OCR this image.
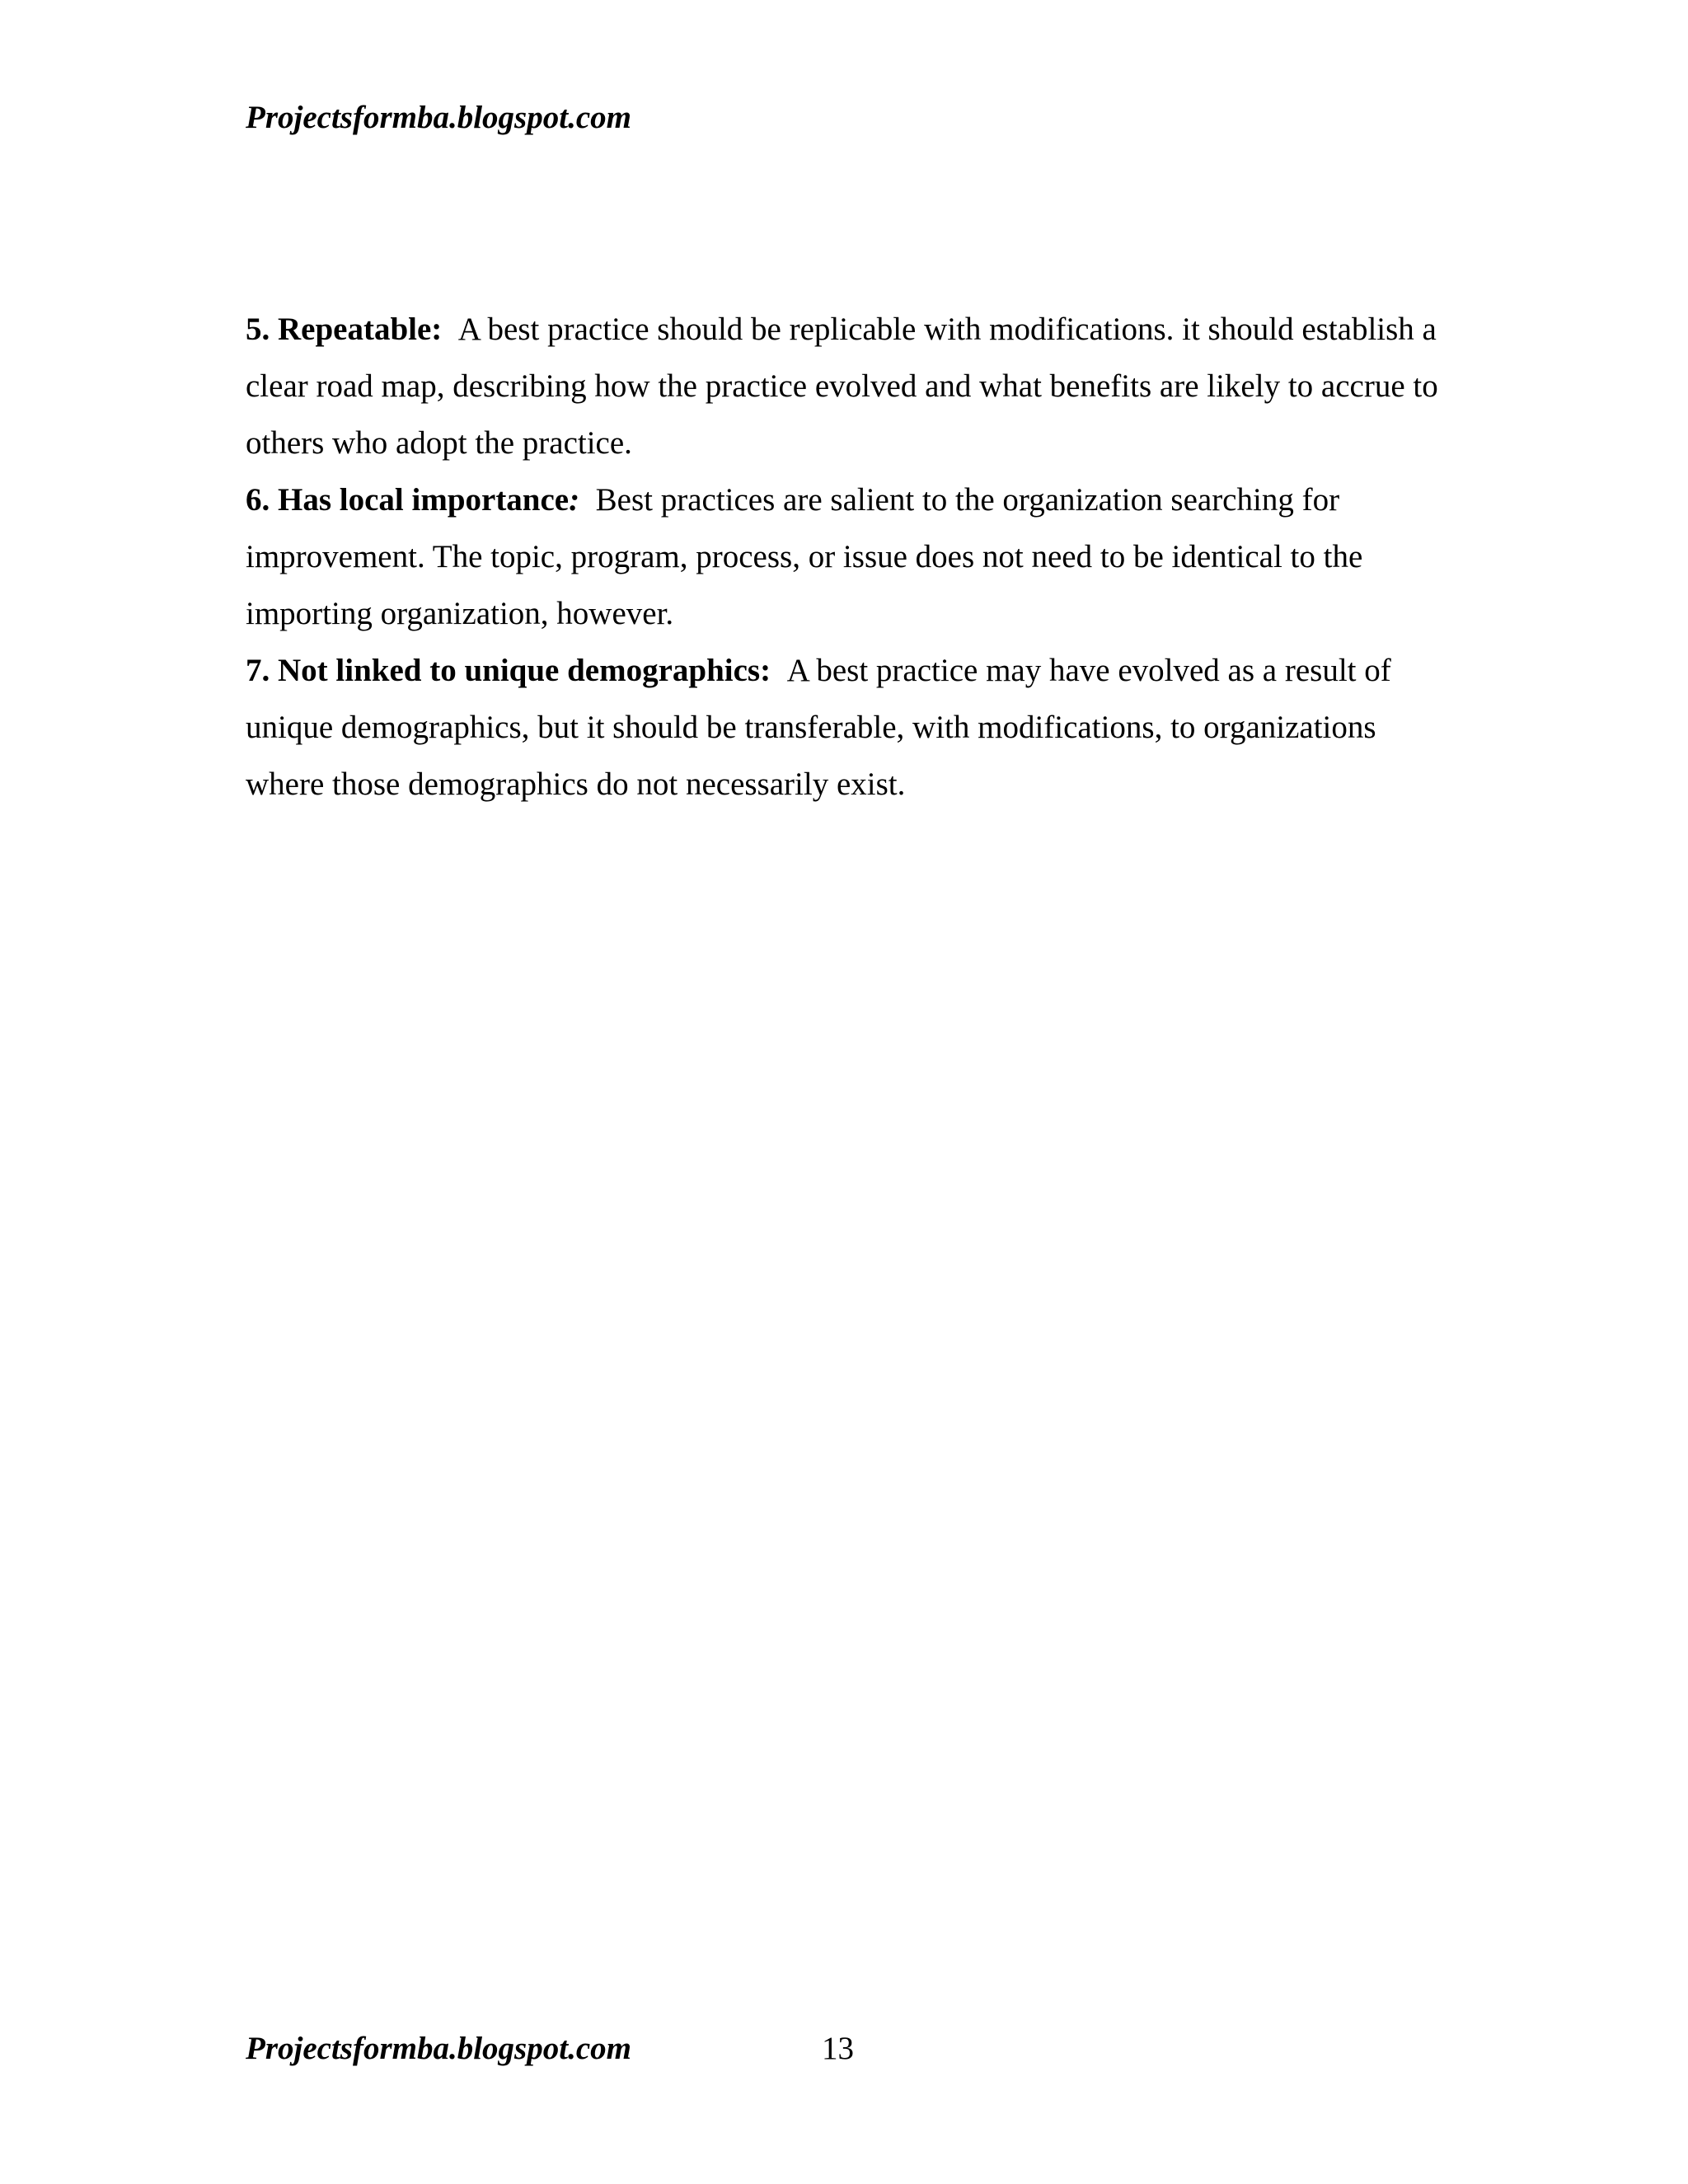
Projectsformba.blogspot.com

5. Repeatable: A best practice should be replicable with modifications. it should establish a clear road map, describing how the practice evolved and what benefits are likely to accrue to others who adopt the practice.

6. Has local importance: Best practices are salient to the organization searching for improvement. The topic, program, process, or issue does not need to be identical to the importing organization, however.

7. Not linked to unique demographics: A best practice may have evolved as a result of unique demographics, but it should be transferable, with modifications, to organizations where those demographics do not necessarily exist.

Projectsformba.blogspot.com	13
